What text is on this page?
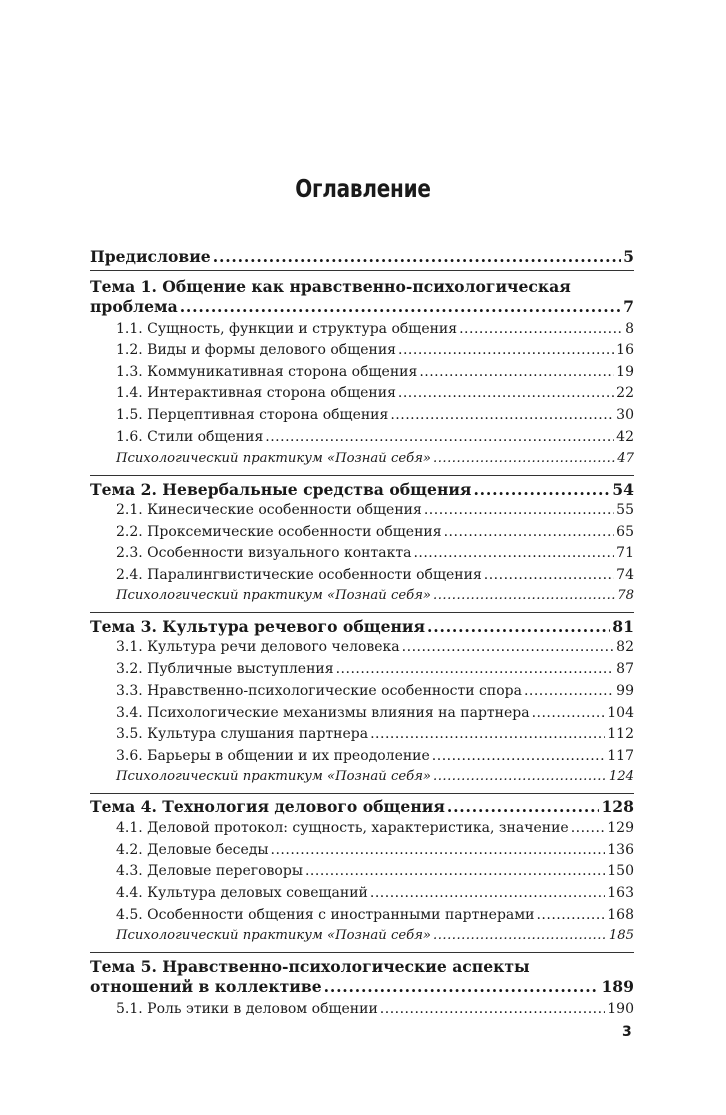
Оглавление
Предисловие .....	5
Тема 1. Общение как нравственно-психологическая
проблема .....	7
1.1. Сущность, функции и структура общения .....	8
1.2. Виды и формы делового общения .....	16
1.3. Коммуникативная сторона общения .....	19
1.4. Интерактивная сторона общения .....	22
1.5. Перцептивная сторона общения .....	30
1.6. Стили общения .....	42
Психологический практикум «Познай себя» .....	47
Тема 2. Невербальные средства общения .....	54
2.1. Кинесические особенности общения .....	55
2.2. Проксемические особенности общения .....	65
2.3. Особенности визуального контакта .....	71
2.4. Паралингвистические особенности общения .....	74
Психологический практикум «Познай себя» .....	78
Тема 3. Культура речевого общения .....	81
3.1. Культура речи делового человека .....	82
3.2. Публичные выступления .....	87
3.3. Нравственно-психологические особенности спора .....	99
3.4. Психологические механизмы влияния на партнера .....	104
3.5. Культура слушания партнера .....	112
3.6. Барьеры в общении и их преодоление .....	117
Психологический практикум «Познай себя» .....	124
Тема 4. Технология делового общения .....	128
4.1. Деловой протокол: сущность, характеристика, значение .....	129
4.2. Деловые беседы .....	136
4.3. Деловые переговоры .....	150
4.4. Культура деловых совещаний .....	163
4.5. Особенности общения с иностранными партнерами .....	168
Психологический практикум «Познай себя» .....	185
Тема 5. Нравственно-психологические аспекты
отношений в коллективе .....	189
5.1. Роль этики в деловом общении .....	190
3
